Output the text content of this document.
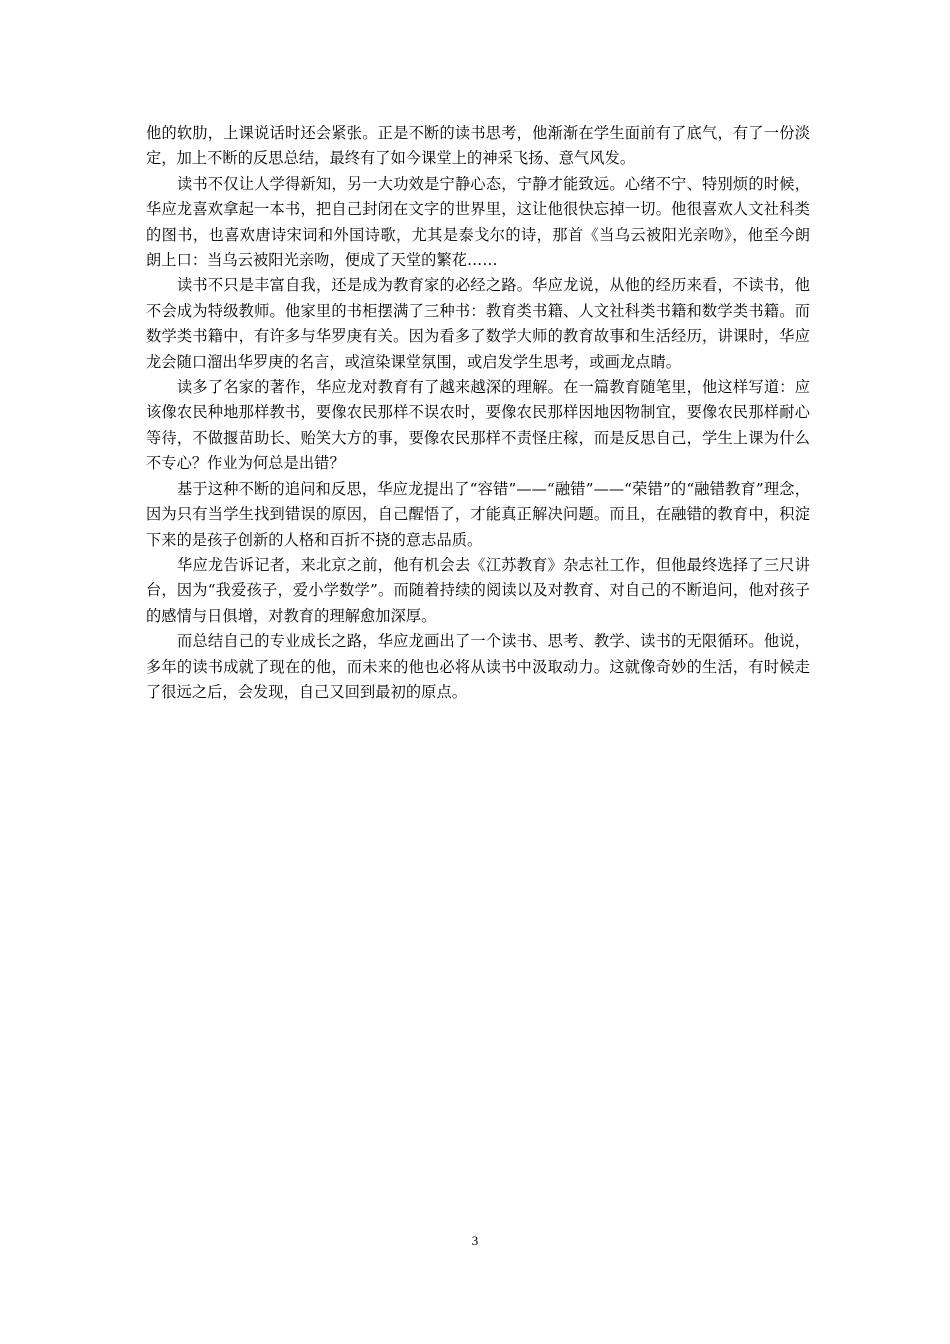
他的软肋，上课说话时还会紧张。正是不断的读书思考，他渐渐在学生面前有了底气，有了一份淡定，加上不断的反思总结，最终有了如今课堂上的神采飞扬、意气风发。

读书不仅让人学得新知，另一大功效是宁静心态，宁静才能致远。心绪不宁、特别烦的时候，华应龙喜欢拿起一本书，把自己封闭在文字的世界里，这让他很快忘掉一切。他很喜欢人文社科类的图书，也喜欢唐诗宋词和外国诗歌，尤其是泰戈尔的诗，那首《当乌云被阳光亲吻》，他至今朗朗上口：当乌云被阳光亲吻，便成了天堂的繁花……

读书不只是丰富自我，还是成为教育家的必经之路。华应龙说，从他的经历来看，不读书，他不会成为特级教师。他家里的书柜摆满了三种书：教育类书籍、人文社科类书籍和数学类书籍。而数学类书籍中，有许多与华罗庚有关。因为看多了数学大师的教育故事和生活经历，讲课时，华应龙会随口溜出华罗庚的名言，或渲染课堂氛围，或启发学生思考，或画龙点睛。

读多了名家的著作，华应龙对教育有了越来越深的理解。在一篇教育随笔里，他这样写道：应该像农民种地那样教书，要像农民那样不误农时，要像农民那样因地因物制宜，要像农民那样耐心等待，不做揠苗助长、贻笑大方的事，要像农民那样不责怪庄稼，而是反思自己，学生上课为什么不专心？作业为何总是出错？

基于这种不断的追问和反思，华应龙提出了“容错”——“融错”——“荣错”的“融错教育”理念，因为只有当学生找到错误的原因，自己醒悟了，才能真正解决问题。而且，在融错的教育中，积淀下来的是孩子创新的人格和百折不挠的意志品质。

华应龙告诉记者，来北京之前，他有机会去《江苏教育》杂志社工作，但他最终选择了三尺讲台，因为“我爱孩子，爱小学数学”。而随着持续的阅读以及对教育、对自己的不断追问，他对孩子的感情与日俱增，对教育的理解愈加深厚。

而总结自己的专业成长之路，华应龙画出了一个读书、思考、教学、读书的无限循环。他说，多年的读书成就了现在的他，而未来的他也必将从读书中汲取动力。这就像奇妙的生活，有时候走了很远之后，会发现，自己又回到最初的原点。

3
